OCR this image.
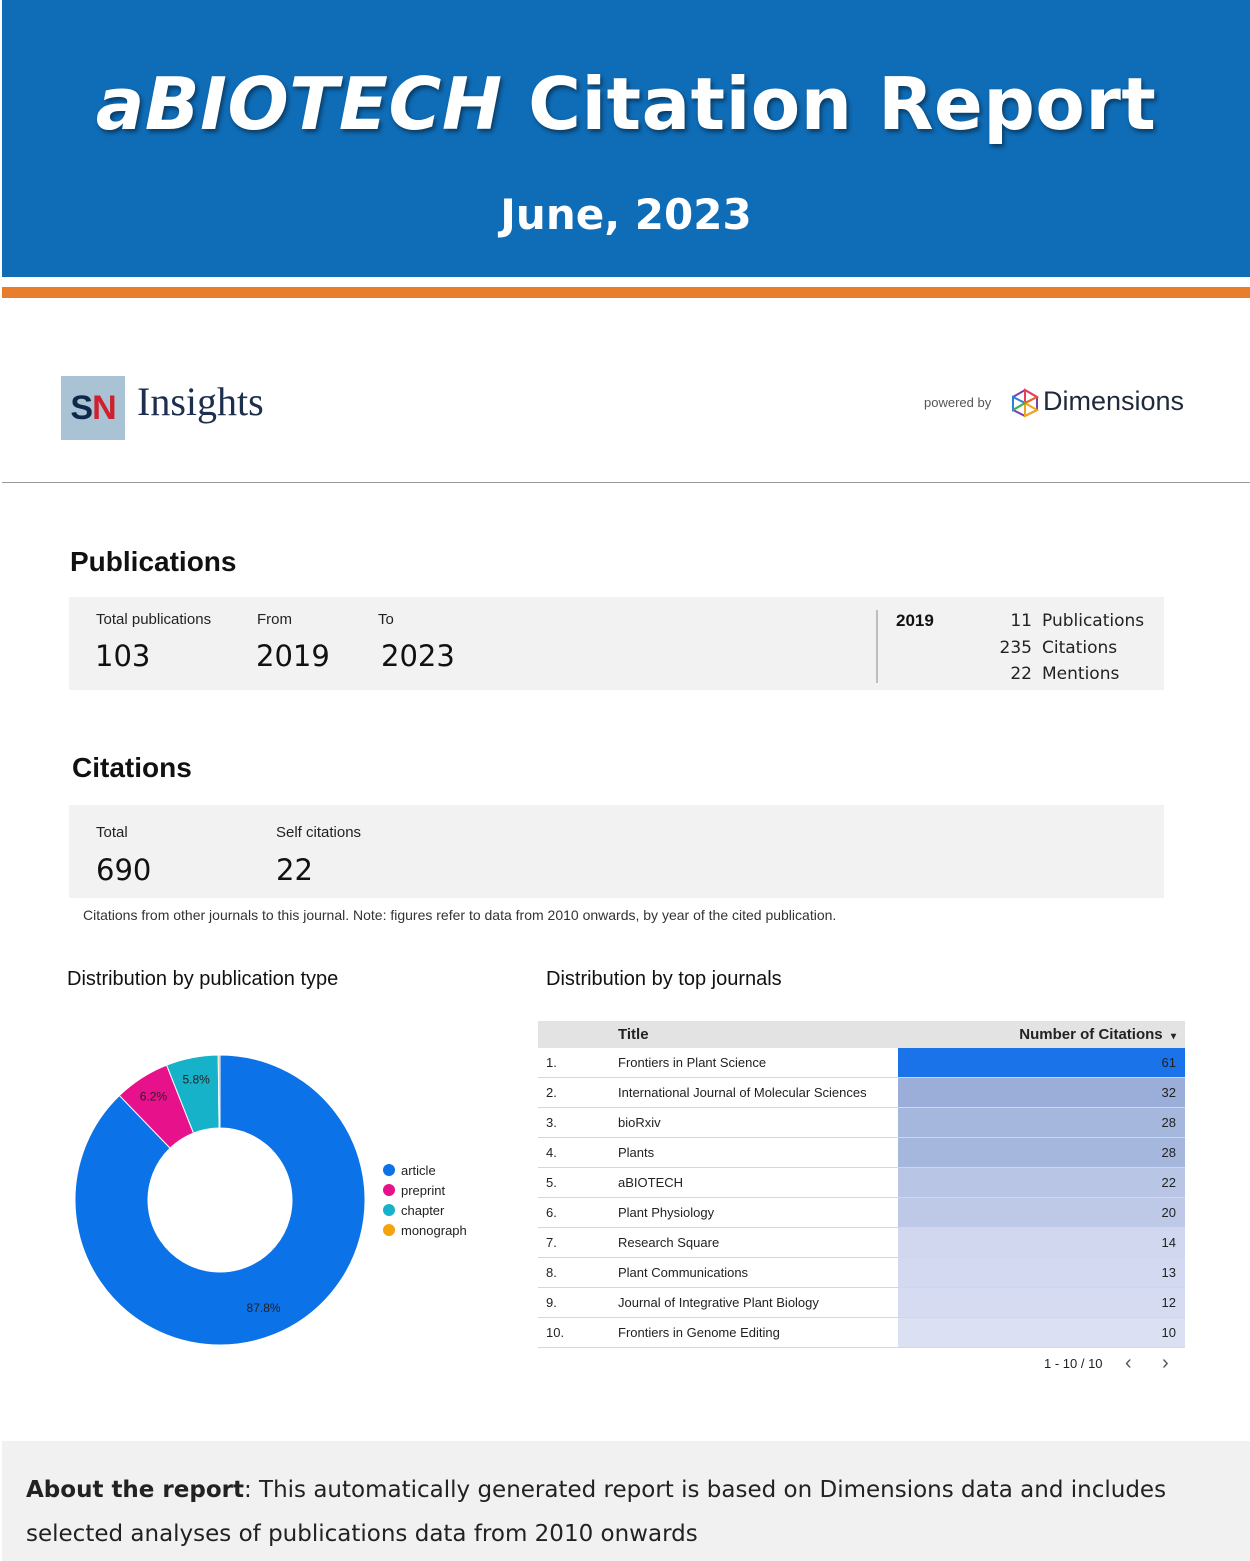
aBIOTECH Citation Report
June, 2023
S N Insights	powered by Dimensions
Publications
Total publications
103
From
2019
To
2023
2019	11 Publications
235 Citations
22 Mentions
Citations
Total
690
Self citations
22
Citations from other journals to this journal. Note: figures refer to data from 2010 onwards, by year of the cited publication.
Distribution by publication type
87.8%
6.2%
5.8%
article
preprint
chapter
monograph
Distribution by top journals
Title	Number of Citations ▾
1.	Frontiers in Plant Science	61
2.	International Journal of Molecular Sciences	32
3.	bioRxiv	28
4.	Plants	28
5.	aBIOTECH	22
6.	Plant Physiology	20
7.	Research Square	14
8.	Plant Communications	13
9.	Journal of Integrative Plant Biology	12
10.	Frontiers in Genome Editing	10
1 - 10 / 10 ‹ ›
About the report: This automatically generated report is based on Dimensions data and includes selected analyses of publications data from 2010 onwards
